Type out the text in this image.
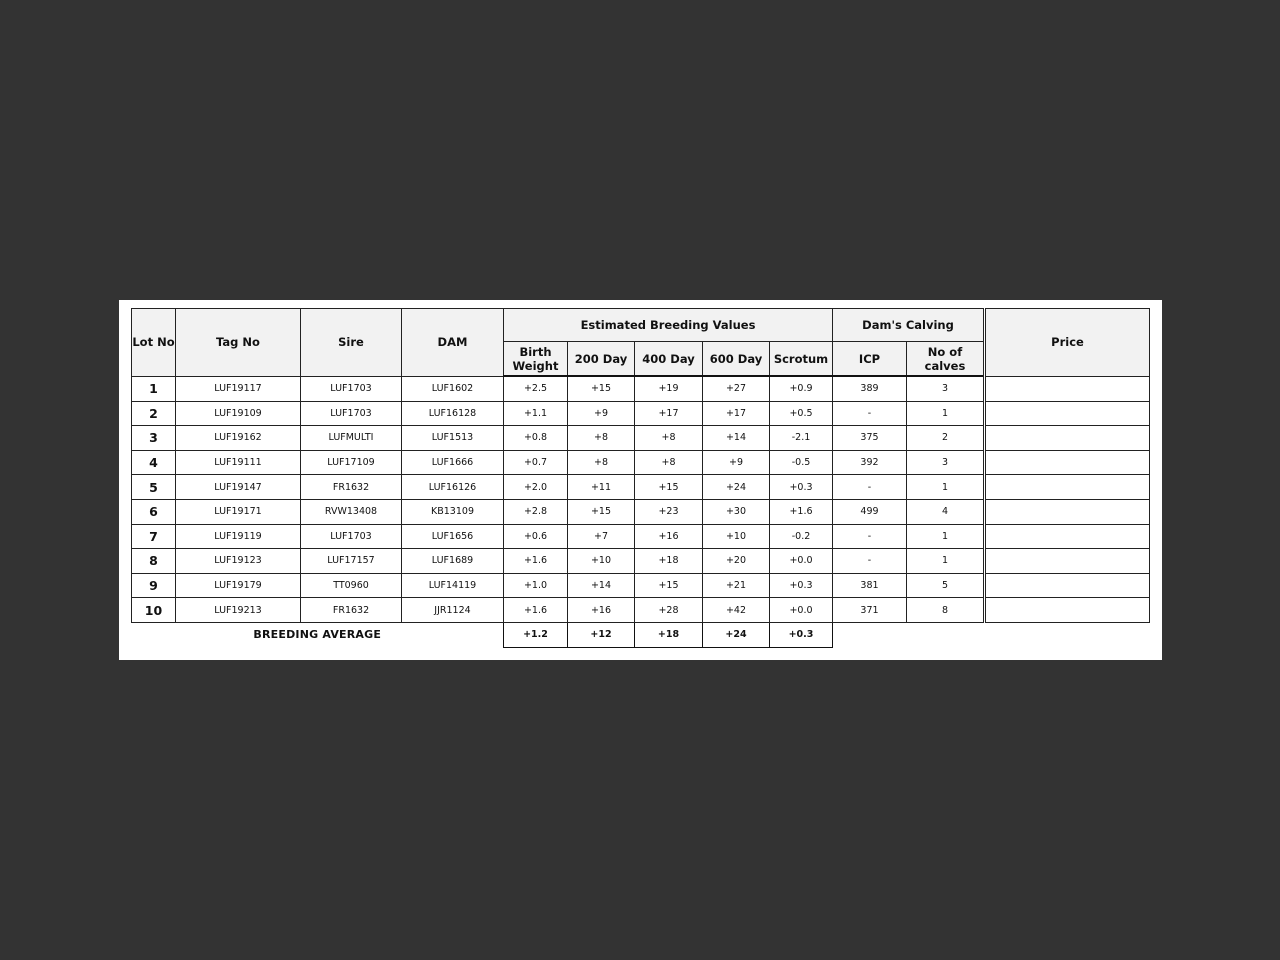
Lot No	Tag No	Sire	DAM	Estimated Breeding Values					Dam's Calving		Price
				Birth Weight	200 Day	400 Day	600 Day	Scrotum	ICP	No of calves	
1	LUF19117	LUF1703	LUF1602	+2.5	+15	+19	+27	+0.9	389	3	
2	LUF19109	LUF1703	LUF16128	+1.1	+9	+17	+17	+0.5	-	1	
3	LUF19162	LUFMULTI	LUF1513	+0.8	+8	+8	+14	-2.1	375	2	
4	LUF19111	LUF17109	LUF1666	+0.7	+8	+8	+9	-0.5	392	3	
5	LUF19147	FR1632	LUF16126	+2.0	+11	+15	+24	+0.3	-	1	
6	LUF19171	RVW13408	KB13109	+2.8	+15	+23	+30	+1.6	499	4	
7	LUF19119	LUF1703	LUF1656	+0.6	+7	+16	+10	-0.2	-	1	
8	LUF19123	LUF17157	LUF1689	+1.6	+10	+18	+20	+0.0	-	1	
9	LUF19179	TT0960	LUF14119	+1.0	+14	+15	+21	+0.3	381	5	
10	LUF19213	FR1632	JJR1124	+1.6	+16	+28	+42	+0.0	371	8	
BREEDING AVERAGE				+1.2	+12	+18	+24	+0.3			
